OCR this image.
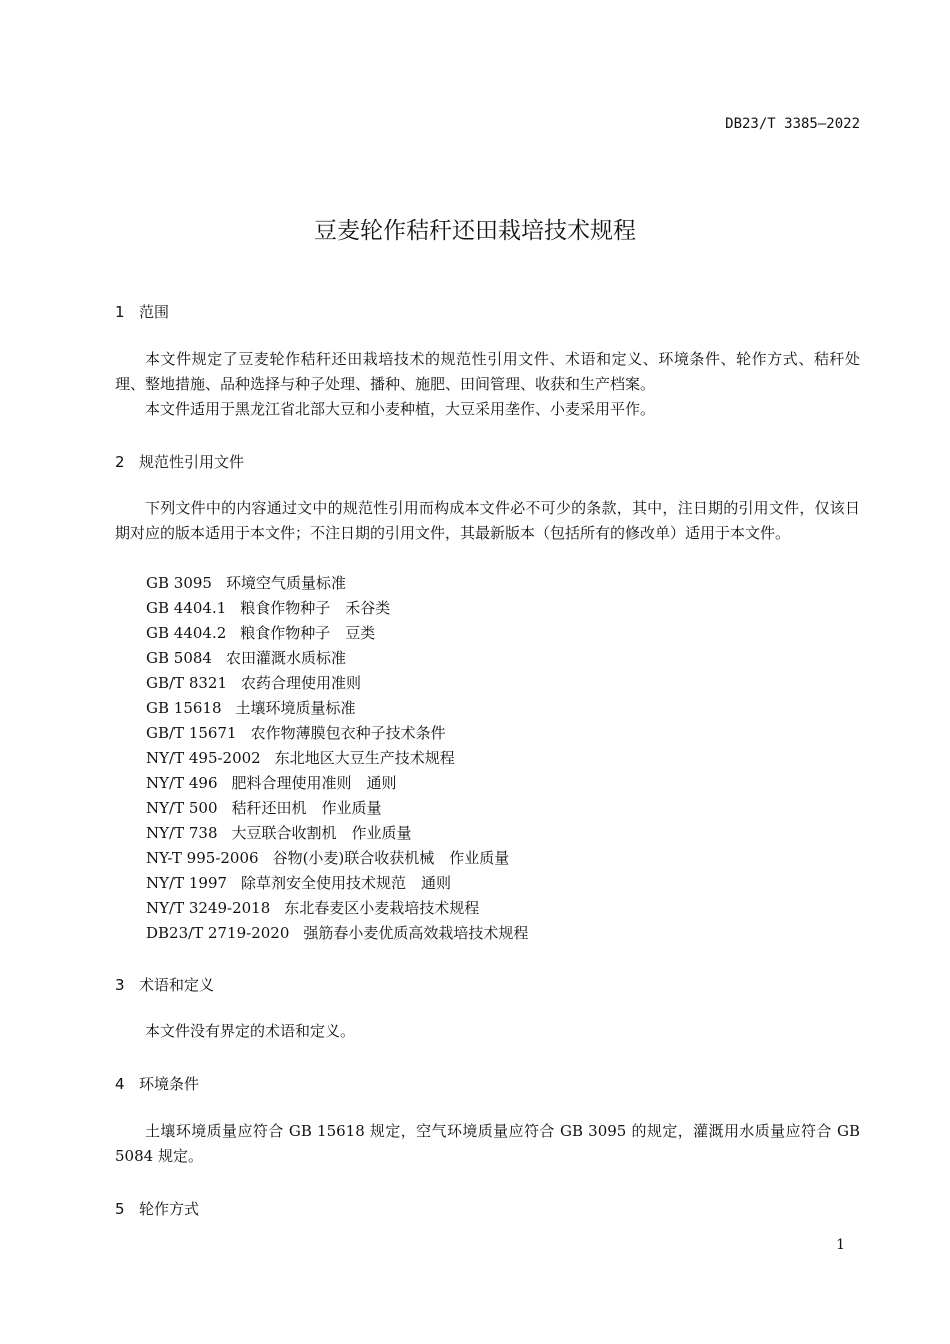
DB23/T 3385—2022
豆麦轮作秸秆还田栽培技术规程
1 范围
本文件规定了豆麦轮作秸秆还田栽培技术的规范性引用文件、术语和定义、环境条件、轮作方式、秸秆处理、整地措施、品种选择与种子处理、播种、施肥、田间管理、收获和生产档案。
本文件适用于黑龙江省北部大豆和小麦种植，大豆采用垄作、小麦采用平作。
2 规范性引用文件
下列文件中的内容通过文中的规范性引用而构成本文件必不可少的条款，其中，注日期的引用文件，仅该日期对应的版本适用于本文件；不注日期的引用文件，其最新版本（包括所有的修改单）适用于本文件。
GB 3095 环境空气质量标准
GB 4404.1 粮食作物种子　禾谷类
GB 4404.2 粮食作物种子　豆类
GB 5084 农田灌溉水质标准
GB/T 8321 农药合理使用准则
GB 15618 土壤环境质量标准
GB/T 15671 农作物薄膜包衣种子技术条件
NY/T 495-2002 东北地区大豆生产技术规程
NY/T 496 肥料合理使用准则　通则
NY/T 500 秸秆还田机　作业质量
NY/T 738 大豆联合收割机　作业质量
NY-T 995-2006 谷物(小麦)联合收获机械　作业质量
NY/T 1997 除草剂安全使用技术规范　通则
NY/T 3249-2018 东北春麦区小麦栽培技术规程
DB23/T 2719-2020 强筋春小麦优质高效栽培技术规程
3 术语和定义
本文件没有界定的术语和定义。
4 环境条件
土壤环境质量应符合 GB 15618 规定，空气环境质量应符合 GB 3095 的规定，灌溉用水质量应符合 GB 5084 规定。
5 轮作方式
1
